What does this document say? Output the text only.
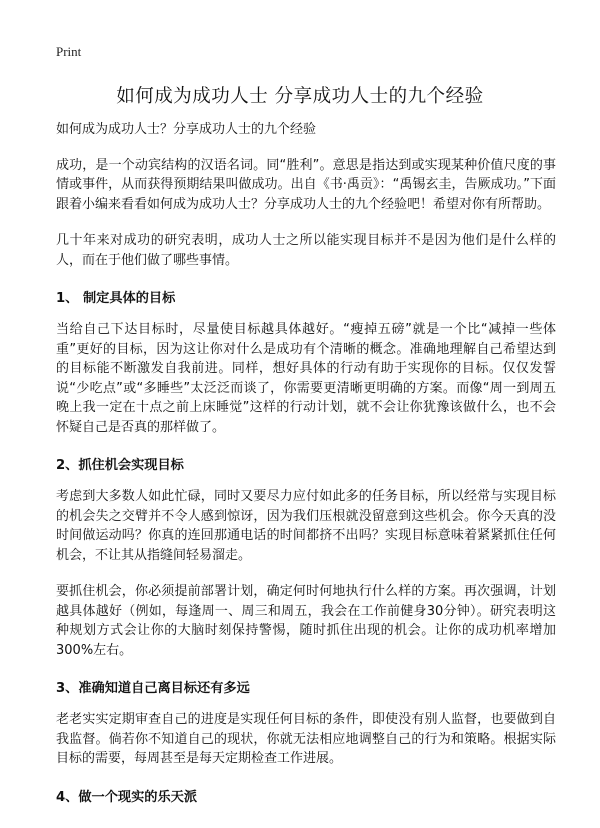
Print
如何成为成功人士 分享成功人士的九个经验

如何成为成功人士？分享成功人士的九个经验

成功，是一个动宾结构的汉语名词。同“胜利”。意思是指达到或实现某种价值尺度的事情或事件，从而获得预期结果叫做成功。出自《书·禹贡》：“禹锡玄圭，告厥成功。”下面跟着小编来看看如何成为成功人士？分享成功人士的九个经验吧！希望对你有所帮助。

几十年来对成功的研究表明，成功人士之所以能实现目标并不是因为他们是什么样的人，而在于他们做了哪些事情。

1、 制定具体的目标

当给自己下达目标时，尽量使目标越具体越好。“瘦掉五磅”就是一个比“减掉一些体重”更好的目标，因为这让你对什么是成功有个清晰的概念。准确地理解自己希望达到的目标能不断激发自我前进。同样，想好具体的行动有助于实现你的目标。仅仅发誓说“少吃点”或“多睡些”太泛泛而谈了，你需要更清晰更明确的方案。而像“周一到周五晚上我一定在十点之前上床睡觉”这样的行动计划，就不会让你犹豫该做什么，也不会怀疑自己是否真的那样做了。

2、抓住机会实现目标

考虑到大多数人如此忙碌，同时又要尽力应付如此多的任务目标，所以经常与实现目标的机会失之交臂并不令人感到惊讶，因为我们压根就没留意到这些机会。你今天真的没时间做运动吗？你真的连回那通电话的时间都挤不出吗？实现目标意味着紧紧抓住任何机会，不让其从指缝间轻易溜走。

要抓住机会，你必须提前部署计划，确定何时何地执行什么样的方案。再次强调，计划越具体越好（例如，每逢周一、周三和周五，我会在工作前健身30分钟）。研究表明这种规划方式会让你的大脑时刻保持警惕，随时抓住出现的机会。让你的成功机率增加300%左右。

3、准确知道自己离目标还有多远

老老实实定期审查自己的进度是实现任何目标的条件，即使没有别人监督，也要做到自我监督。倘若你不知道自己的现状，你就无法相应地调整自己的行为和策略。根据实际目标的需要，每周甚至是每天定期检查工作进展。

4、做一个现实的乐天派
